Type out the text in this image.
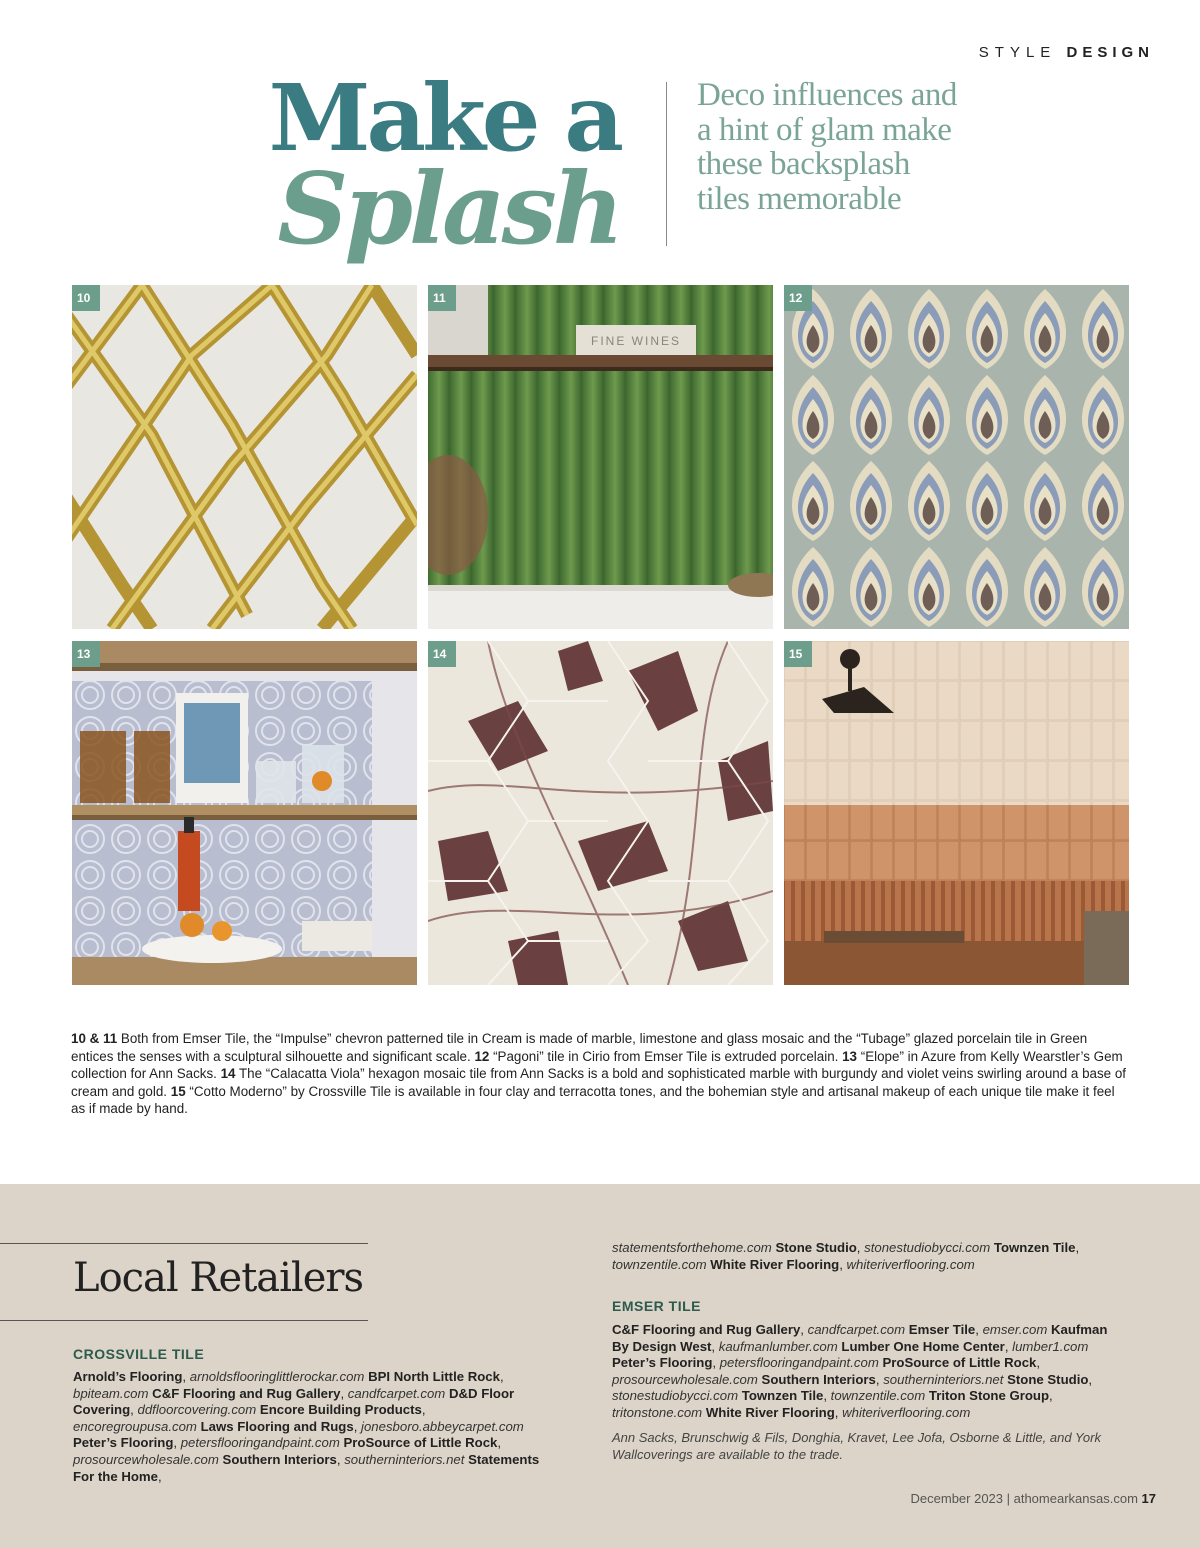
STYLE DESIGN
Make a
Splash

Deco influences and a hint of glam make these backsplash tiles memorable

10
FINE WINES
11	12
13	14	15

10 & 11 Both from Emser Tile, the “Impulse” chevron patterned tile in Cream is made of marble, limestone and glass mosaic and the “Tubage” glazed porcelain tile in Green entices the senses with a sculptural silhouette and significant scale. 12 “Pagoni” tile in Cirio from Emser Tile is extruded porcelain. 13 “Elope” in Azure from Kelly Wearstler’s Gem collection for Ann Sacks. 14 The “Calacatta Viola” hexagon mosaic tile from Ann Sacks is a bold and sophisticated marble with burgundy and violet veins swirling around a base of cream and gold. 15 “Cotto Moderno” by Crossville Tile is available in four clay and terracotta tones, and the bohemian style and artisanal makeup of each unique tile make it feel as if made by hand.

Local Retailers
CROSSVILLE TILE

Arnold’s Flooring, arnoldsflooringlittlerockar.com BPI North Little Rock, bpiteam.com C&F Flooring and Rug Gallery, candfcarpet.com D&D Floor Covering, ddfloorcovering.com Encore Building Products, encoregroupusa.com Laws Flooring and Rugs, jonesboro.abbeycarpet.com Peter’s Flooring, petersflooringandpaint.com ProSource of Little Rock, prosourcewholesale.com Southern Interiors, southerninteriors.net Statements For the Home,

statementsforthehome.com Stone Studio, stonestudiobycci.com Townzen Tile, townzentile.com White River Flooring, whiteriverflooring.com

EMSER TILE

C&F Flooring and Rug Gallery, candfcarpet.com Emser Tile, emser.com Kaufman By Design West, kaufmanlumber.com Lumber One Home Center, lumber1.com Peter’s Flooring, petersflooringandpaint.com ProSource of Little Rock, prosourcewholesale.com Southern Interiors, southerninteriors.net Stone Studio, stonestudiobycci.com Townzen Tile, townzentile.com Triton Stone Group, tritonstone.com White River Flooring, whiteriverflooring.com

Ann Sacks, Brunschwig & Fils, Donghia, Kravet, Lee Jofa, Osborne & Little, and York Wallcoverings are available to the trade.

December 2023 | athomearkansas.com 17
